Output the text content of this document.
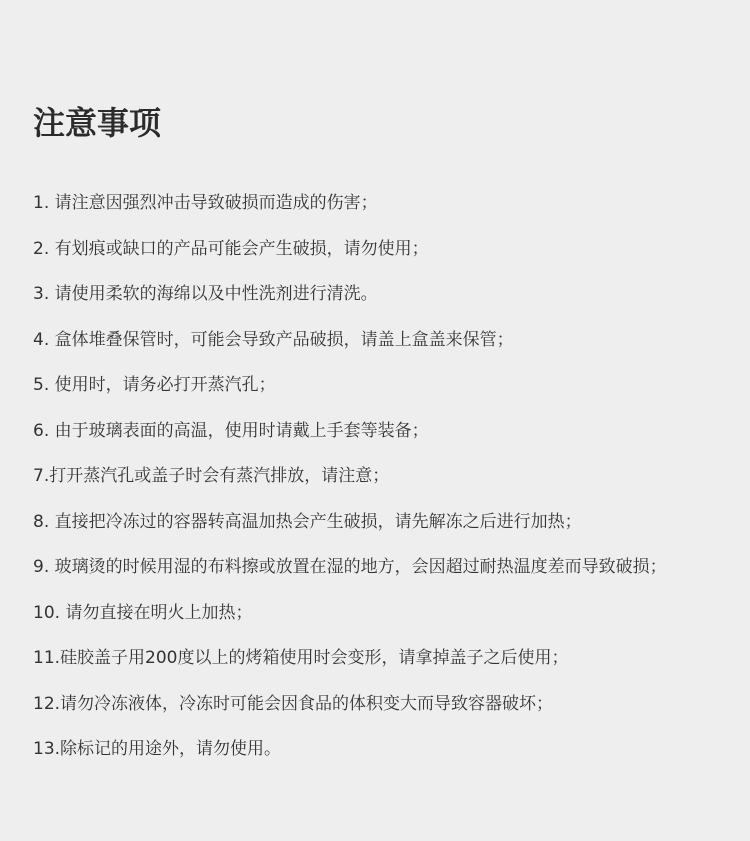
注意事项
1. 请注意因强烈冲击导致破损而造成的伤害；
2. 有划痕或缺口的产品可能会产生破损，请勿使用；
3. 请使用柔软的海绵以及中性洗剂进行清洗。
4. 盒体堆叠保管时，可能会导致产品破损，请盖上盒盖来保管；
5. 使用时，请务必打开蒸汽孔；
6. 由于玻璃表面的高温，使用时请戴上手套等装备；
7.打开蒸汽孔或盖子时会有蒸汽排放，请注意；
8. 直接把冷冻过的容器转高温加热会产生破损，请先解冻之后进行加热；
9. 玻璃烫的时候用湿的布料擦或放置在湿的地方，会因超过耐热温度差而导致破损；
10. 请勿直接在明火上加热；
11.硅胶盖子用200度以上的烤箱使用时会变形，请拿掉盖子之后使用；
12.请勿冷冻液体，冷冻时可能会因食品的体积变大而导致容器破坏；
13.除标记的用途外，请勿使用。
